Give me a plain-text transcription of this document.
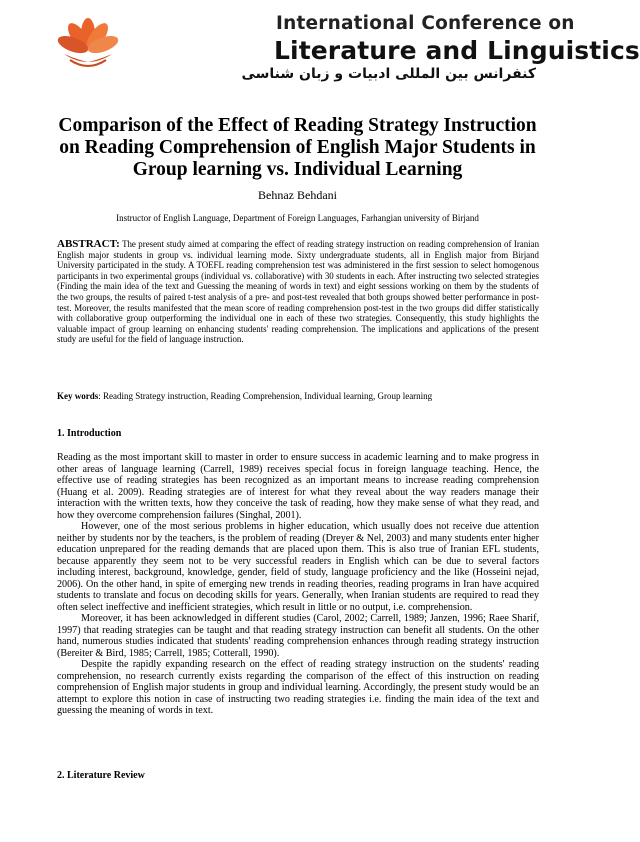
International Conference on
Literature and Linguistics
کنفرانس بین المللی ادبیات و زبان شناسی
Comparison of the Effect of Reading Strategy Instruction on Reading Comprehension of English Major Students in Group learning vs. Individual Learning
Behnaz Behdani
Instructor of English Language, Department of Foreign Languages, Farhangian university of Birjand
ABSTRACT: The present study aimed at comparing the effect of reading strategy instruction on reading comprehension of Iranian English major students in group vs. individual learning mode. Sixty undergraduate students, all in English major from Birjand University participated in the study. A TOEFL reading comprehension test was administered in the first session to select homogenous participants in two experimental groups (individual vs. collaborative) with 30 students in each. After instructing two selected strategies (Finding the main idea of the text and Guessing the meaning of words in text) and eight sessions working on them by the students of the two groups, the results of paired t-test analysis of a pre- and post-test revealed that both groups showed better performance in post-test. Moreover, the results manifested that the mean score of reading comprehension post-test in the two groups did differ statistically with collaborative group outperforming the individual one in each of these two strategies. Consequently, this study highlights the valuable impact of group learning on enhancing students' reading comprehension. The implications and applications of the present study are useful for the field of language instruction.
Key words: Reading Strategy instruction, Reading Comprehension, Individual learning, Group learning
1. Introduction

Reading as the most important skill to master in order to ensure success in academic learning and to make progress in other areas of language learning (Carrell, 1989) receives special focus in foreign language teaching. Hence, the effective use of reading strategies has been recognized as an important means to increase reading comprehension (Huang et al. 2009). Reading strategies are of interest for what they reveal about the way readers manage their interaction with the written texts, how they conceive the task of reading, how they make sense of what they read, and how they overcome comprehension failures (Singhal, 2001).

However, one of the most serious problems in higher education, which usually does not receive due attention neither by students nor by the teachers, is the problem of reading (Dreyer & Nel, 2003) and many students enter higher education unprepared for the reading demands that are placed upon them. This is also true of Iranian EFL students, because apparently they seem not to be very successful readers in English which can be due to several factors including interest, background, knowledge, gender, field of study, language proficiency and the like (Hosseini nejad, 2006). On the other hand, in spite of emerging new trends in reading theories, reading programs in Iran have acquired students to translate and focus on decoding skills for years. Generally, when Iranian students are required to read they often select ineffective and inefficient strategies, which result in little or no output, i.e. comprehension.

Moreover, it has been acknowledged in different studies (Carol, 2002; Carrell, 1989; Janzen, 1996; Raee Sharif, 1997) that reading strategies can be taught and that reading strategy instruction can benefit all students. On the other hand, numerous studies indicated that students' reading comprehension enhances through reading strategy instruction (Bereiter & Bird, 1985; Carrell, 1985; Cotterall, 1990).

Despite the rapidly expanding research on the effect of reading strategy instruction on the students' reading comprehension, no research currently exists regarding the comparison of the effect of this instruction on reading comprehension of English major students in group and individual learning. Accordingly, the present study would be an attempt to explore this notion in case of instructing two reading strategies i.e. finding the main idea of the text and guessing the meaning of words in text.

2. Literature Review
